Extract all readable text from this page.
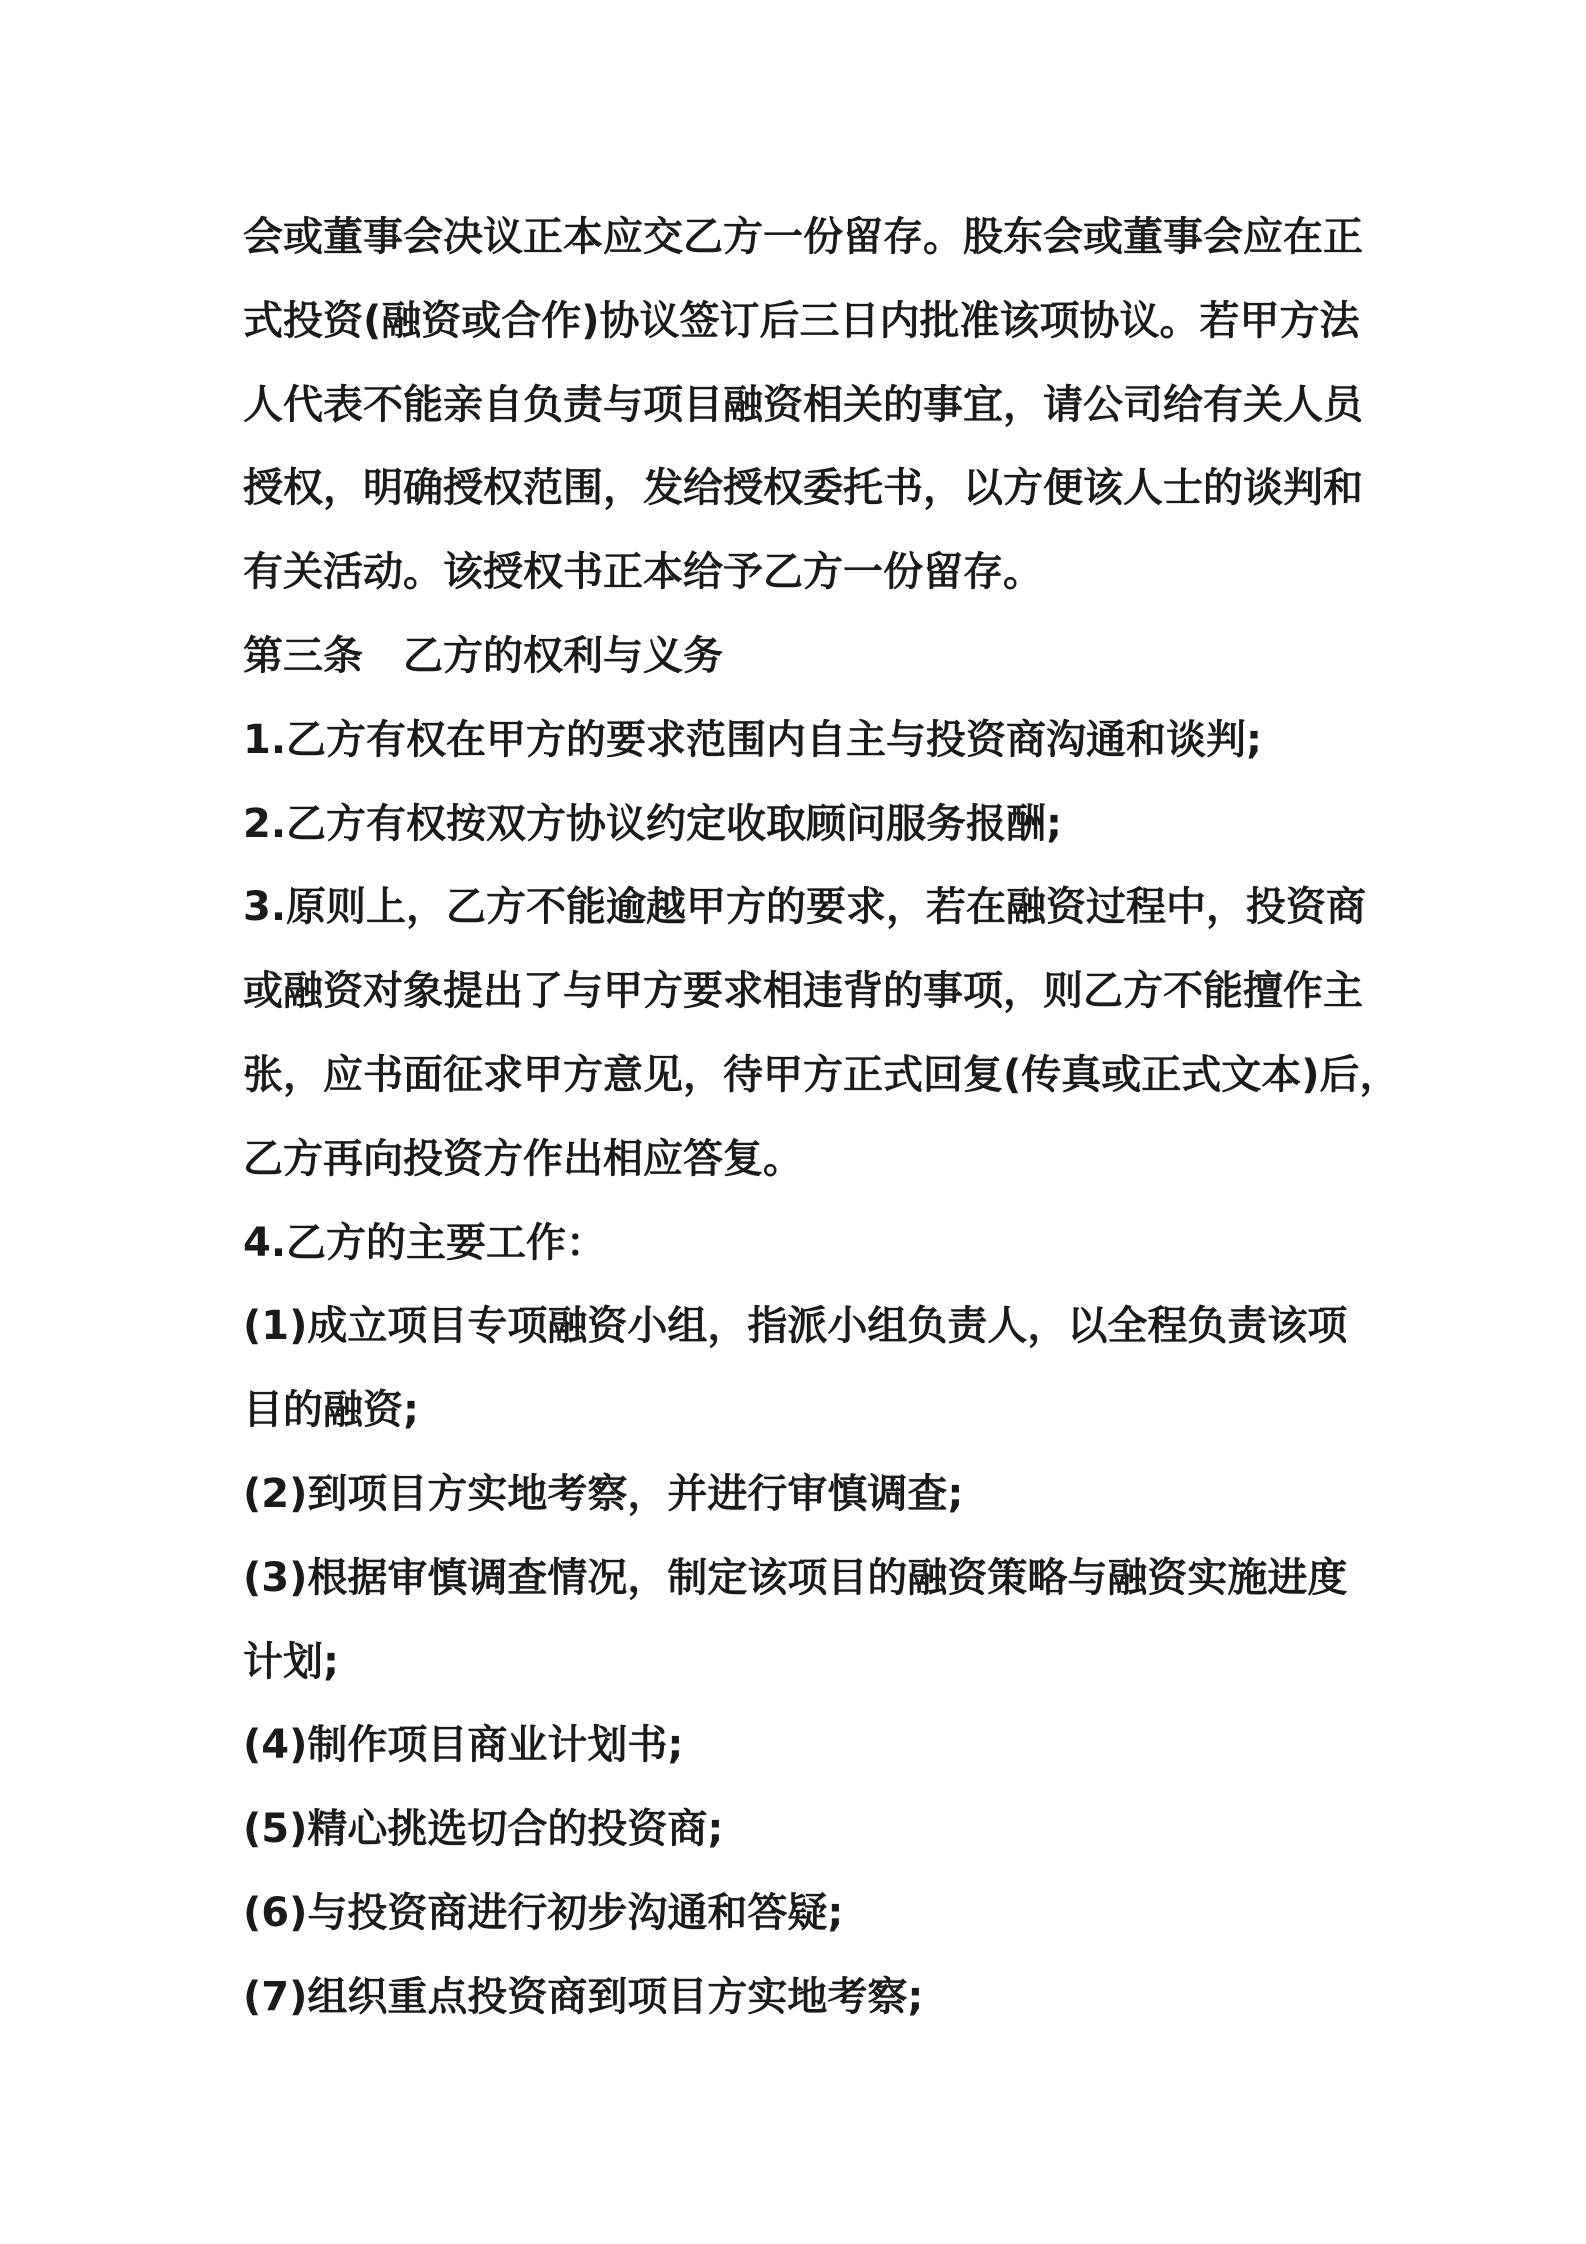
会或董事会决议正本应交乙方一份留存。股东会或董事会应在正
式投资(融资或合作)协议签订后三日内批准该项协议。若甲方法
人代表不能亲自负责与项目融资相关的事宜，请公司给有关人员
授权，明确授权范围，发给授权委托书，以方便该人士的谈判和
有关活动。该授权书正本给予乙方一份留存。
第三条　乙方的权利与义务
1.乙方有权在甲方的要求范围内自主与投资商沟通和谈判;
2.乙方有权按双方协议约定收取顾问服务报酬;
3.原则上，乙方不能逾越甲方的要求，若在融资过程中，投资商
或融资对象提出了与甲方要求相违背的事项，则乙方不能擅作主
张，应书面征求甲方意见，待甲方正式回复(传真或正式文本)后，
乙方再向投资方作出相应答复。
4.乙方的主要工作：
(1)成立项目专项融资小组，指派小组负责人，以全程负责该项
目的融资;
(2)到项目方实地考察，并进行审慎调查;
(3)根据审慎调查情况，制定该项目的融资策略与融资实施进度
计划;
(4)制作项目商业计划书;
(5)精心挑选切合的投资商;
(6)与投资商进行初步沟通和答疑;
(7)组织重点投资商到项目方实地考察;
